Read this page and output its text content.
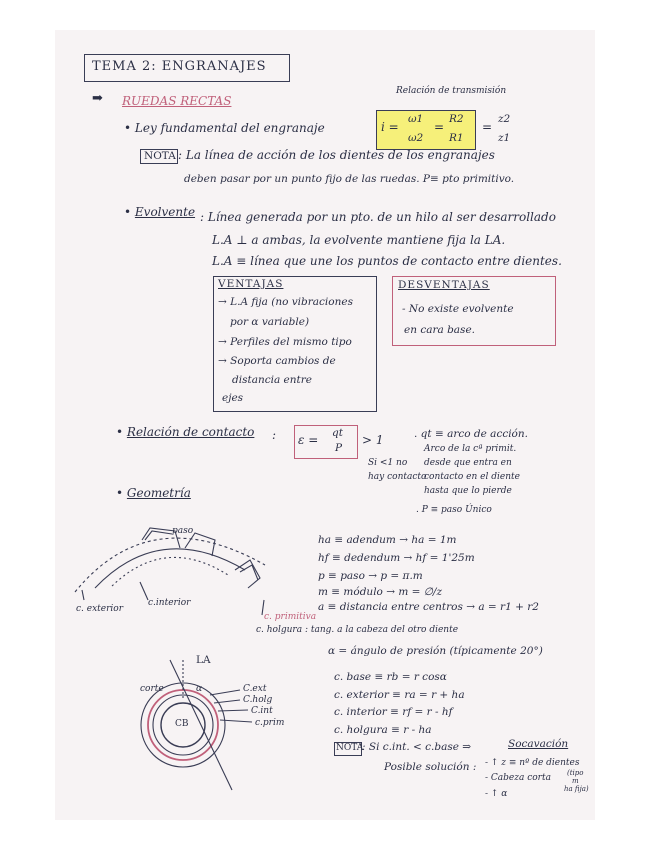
TEMA 2: ENGRANAJES
➡ RUEDAS RECTAS
• Ley fundamental del engranaje
Relación de transmisión
i =
ω1
ω2
=
R2
R1
=
z2
z1
NOTA : La línea de acción de los dientes de los engranajes
deben pasar por un punto fijo de las ruedas. P≡ pto primitivo.
• Evolvente : Línea generada por un pto. de un hilo al ser desarrollado
L.A ⊥ a ambas, la evolvente mantiene fija la LA.
L.A ≡ línea que une los puntos de contacto entre dientes.
VENTAJAS
→ L.A fija (no vibraciones
por α variable)
→ Perfiles del mismo tipo
→ Soporta cambios de
distancia entre
ejes
DESVENTAJAS
- No existe evolvente
en cara base.
• Relación de contacto : ε = qt
P
> 1
Si <1 no
hay contacto
. qt ≡ arco de acción.
Arco de la cª primit.
desde que entra en
contacto en el diente
hasta que lo pierde
. P ≡ paso Único
• Geometría
paso
c. exterior
c.interior
c. primitiva
c. holgura : tang. a la cabeza del otro diente
LA
CB
corte	α	C.ext
C.holg
C.int
c.prim
ha ≡ adendum → ha = 1m
hf ≡ dedendum → hf = 1'25m
p ≡ paso → p = π.m
m ≡ módulo → m = ∅/z
a ≡ distancia entre centros → a = r1 + r2
α = ángulo de presión (típicamente 20°)
c. base ≡ rb = r cosα
c. exterior ≡ ra = r + ha
c. interior ≡ rf = r - hf
c. holgura ≡ r - ha
NOTA
: Si c.int. < c.base ⇒	Socavación
Posible solución : - ↑ z ≡ nº de dientes
- Cabeza corta (tipo
m
ha fija)
- ↑ α
